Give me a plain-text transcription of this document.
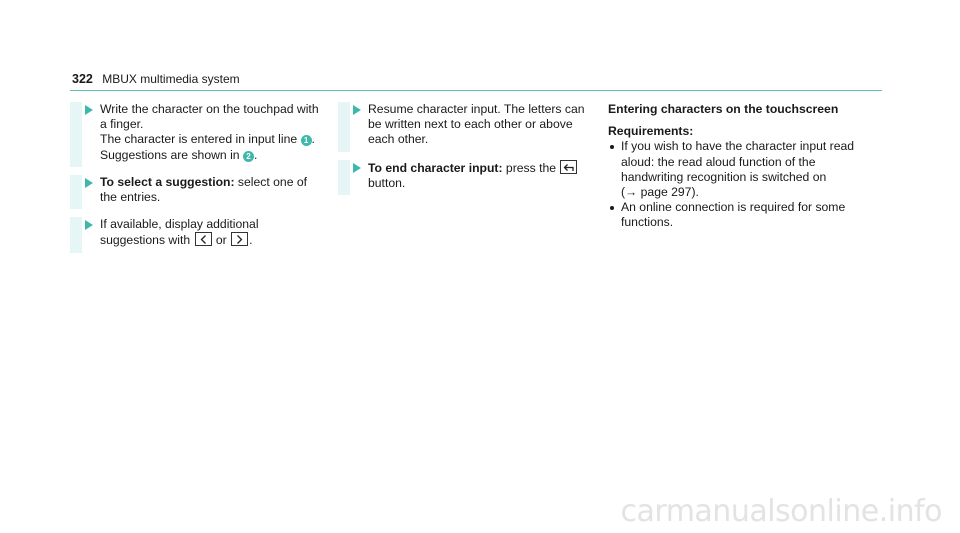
322 MBUX multimedia system

Write the character on the touchpad with a finger.
The character is entered in input line 1 .
Suggestions are shown in 2 .

To select a suggestion: select one of the entries.

If available, display additional suggestions with or .

Resume character input. The letters can be written next to each other or above each other.

To end character input: press the
button.

Entering characters on the touchscreen

Requirements:

If you wish to have the character input read aloud: the read aloud function of the handwriting recognition is switched on
(→ page 297).
An online connection is required for some functions.
carmanualsonline.info
